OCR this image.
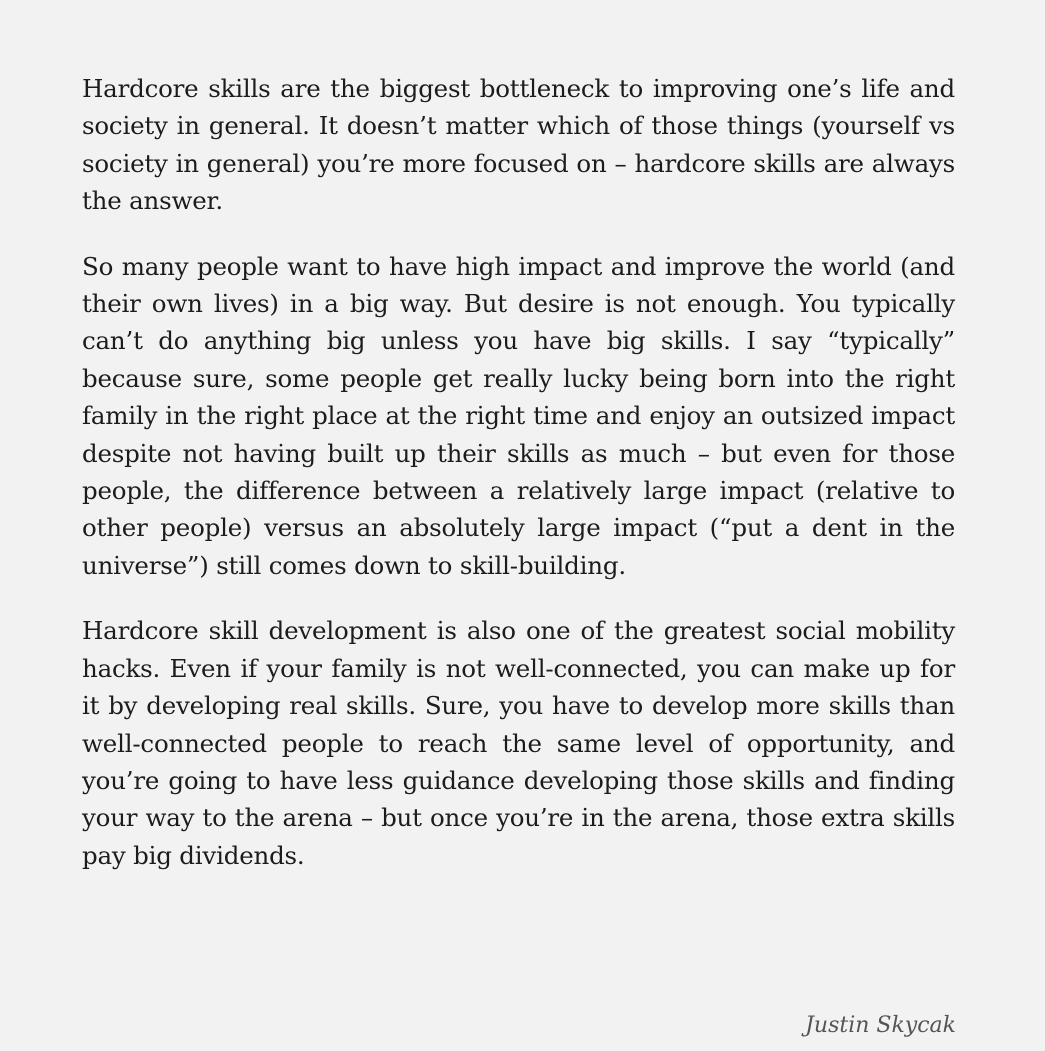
Hardcore skills are the biggest bottleneck to improving one’s life and society in general. It doesn’t matter which of those things (yourself vs society in general) you’re more focused on – hardcore skills are always the answer.

So many people want to have high impact and improve the world (and their own lives) in a big way. But desire is not enough. You typically can’t do anything big unless you have big skills. I say “typically” because sure, some people get really lucky being born into the right family in the right place at the right time and enjoy an outsized impact despite not having built up their skills as much – but even for those people, the difference between a relatively large impact (relative to other people) versus an absolutely large impact (“put a dent in the universe”) still comes down to skill-building.

Hardcore skill development is also one of the greatest social mobility hacks. Even if your family is not well-connected, you can make up for it by developing real skills. Sure, you have to develop more skills than well-connected people to reach the same level of opportunity, and you’re going to have less guidance developing those skills and finding your way to the arena – but once you’re in the arena, those extra skills pay big dividends.

Justin Skycak
